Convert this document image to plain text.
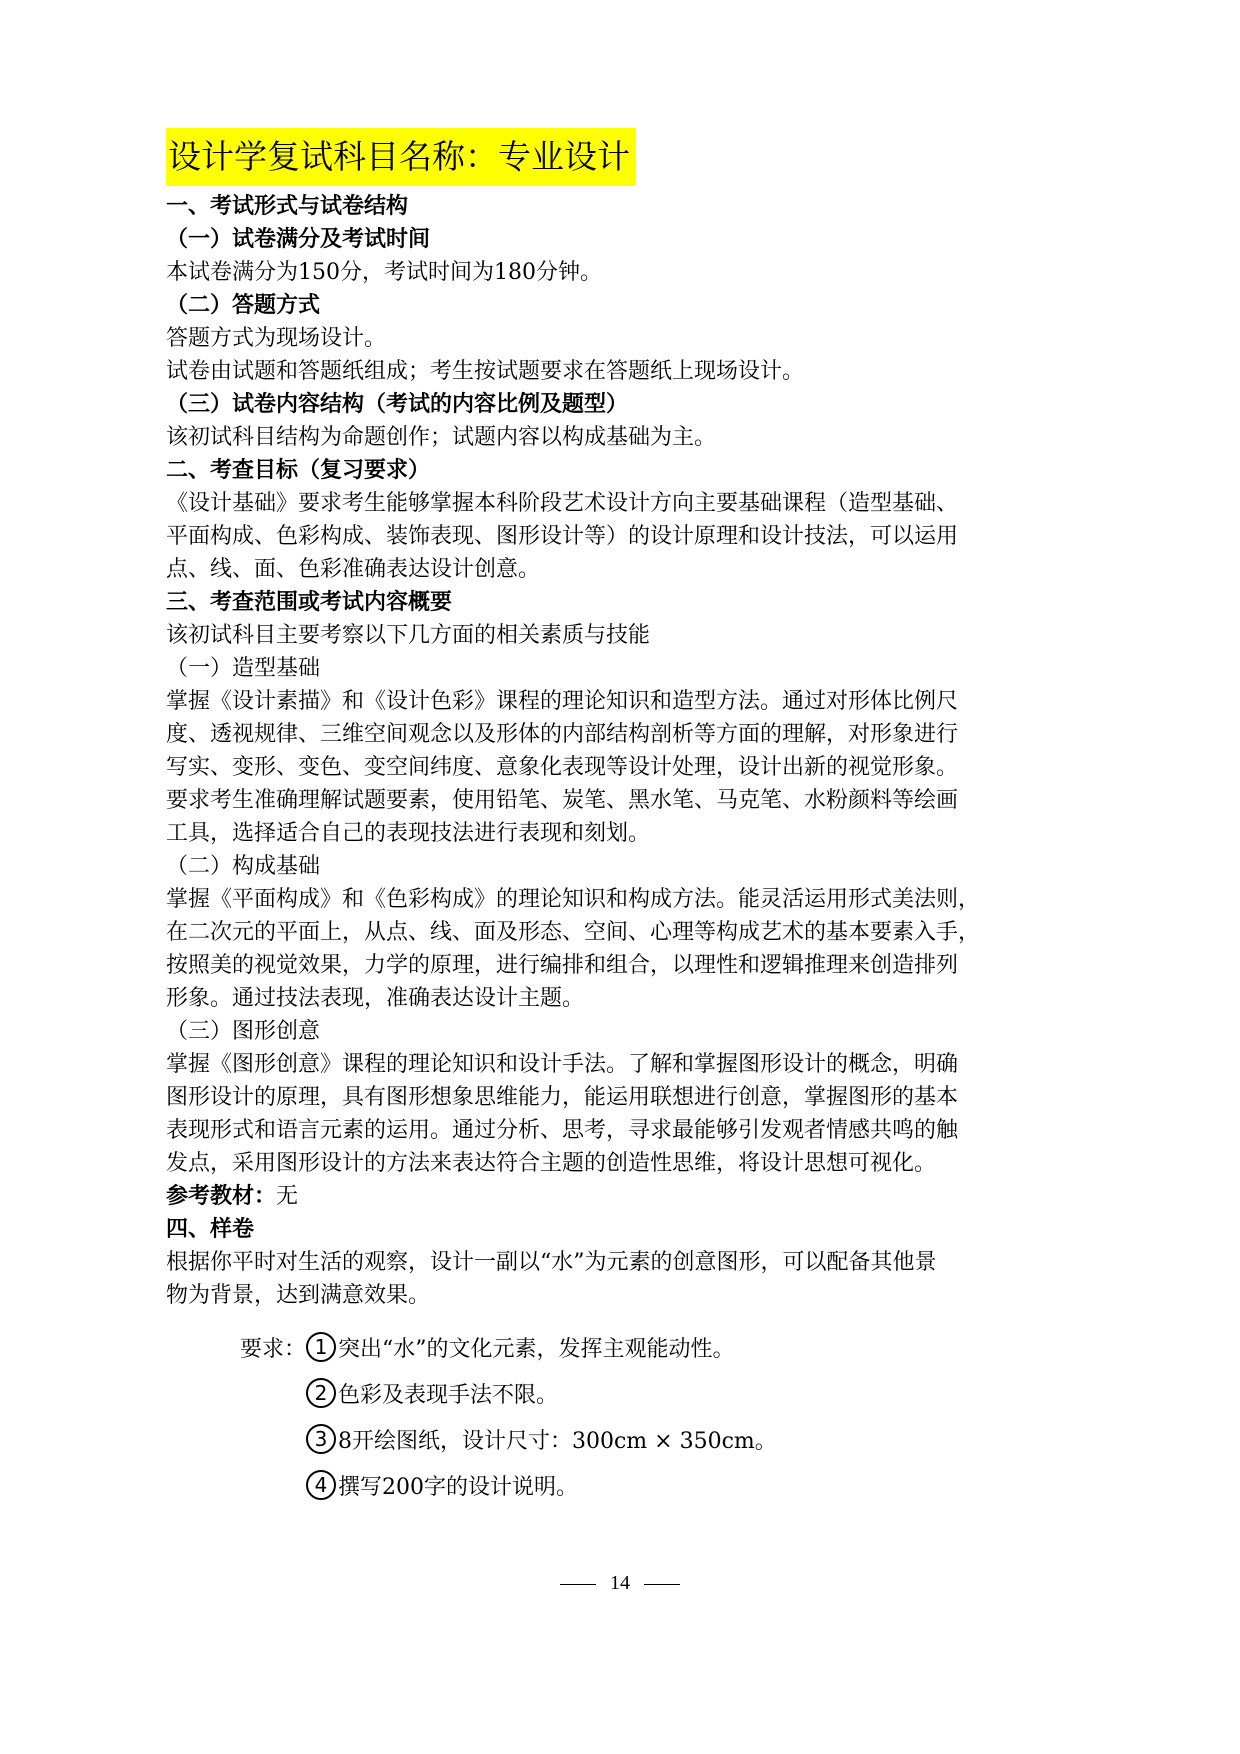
设计学复试科目名称：专业设计
一、考试形式与试卷结构
（一）试卷满分及考试时间
本试卷满分为150分，考试时间为180分钟。
（二）答题方式
答题方式为现场设计。
试卷由试题和答题纸组成；考生按试题要求在答题纸上现场设计。
（三）试卷内容结构（考试的内容比例及题型）
该初试科目结构为命题创作；试题内容以构成基础为主。
二、考查目标（复习要求）
《设计基础》要求考生能够掌握本科阶段艺术设计方向主要基础课程（造型基础、
平面构成、色彩构成、装饰表现、图形设计等）的设计原理和设计技法，可以运用
点、线、面、色彩准确表达设计创意。
三、考查范围或考试内容概要
该初试科目主要考察以下几方面的相关素质与技能
（一）造型基础
掌握《设计素描》和《设计色彩》课程的理论知识和造型方法。通过对形体比例尺
度、透视规律、三维空间观念以及形体的内部结构剖析等方面的理解，对形象进行
写实、变形、变色、变空间纬度、意象化表现等设计处理，设计出新的视觉形象。
要求考生准确理解试题要素，使用铅笔、炭笔、黑水笔、马克笔、水粉颜料等绘画
工具，选择适合自己的表现技法进行表现和刻划。
（二）构成基础
掌握《平面构成》和《色彩构成》的理论知识和构成方法。能灵活运用形式美法则，
在二次元的平面上，从点、线、面及形态、空间、心理等构成艺术的基本要素入手，
按照美的视觉效果，力学的原理，进行编排和组合，以理性和逻辑推理来创造排列
形象。通过技法表现，准确表达设计主题。
（三）图形创意
掌握《图形创意》课程的理论知识和设计手法。了解和掌握图形设计的概念，明确
图形设计的原理，具有图形想象思维能力，能运用联想进行创意，掌握图形的基本
表现形式和语言元素的运用。通过分析、思考，寻求最能够引发观者情感共鸣的触
发点，采用图形设计的方法来表达符合主题的创造性思维，将设计思想可视化。
参考教材：无
四、样卷
根据你平时对生活的观察，设计一副以“水”为元素的创意图形，可以配备其他景
物为背景，达到满意效果。
要求： 1 突出“水”的文化元素，发挥主观能动性。
2 色彩及表现手法不限。
3 8开绘图纸，设计尺寸：300cm × 350cm。
4 撰写200字的设计说明。
14
